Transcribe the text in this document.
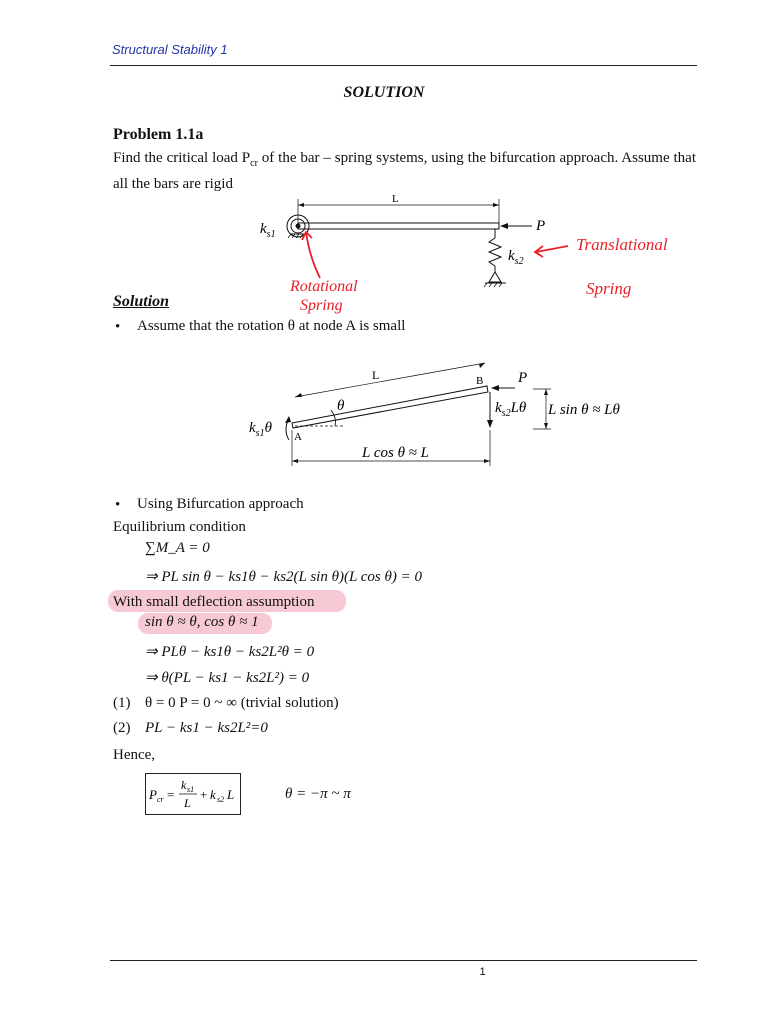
Structural Stability 1
SOLUTION
Problem 1.1a
Find the critical load $P_{cr}$ of the bar – spring systems, using the bifurcation approach. Assume that all the bars are rigid
L
$k_{s1}$
P
$k_{s2}$
Rotational
Spring
Translational
Spring
Solution
• Assume that the rotation θ at node A is small
L
A
B
θ
$k_{s1}\theta$
P
$k_{s2}L\theta$ L sin θ ≈ Lθ
L cos θ ≈ L
• Using Bifurcation approach
Equilibrium condition
∑M_A = 0
⇒ PL sin θ − ks1θ − ks2(L sin θ)(L cos θ) = 0
With small deflection assumption
sin θ ≈ θ, cos θ ≈ 1
⇒ PLθ − ks1θ − ks2L²θ = 0
⇒ θ(PL − ks1 − ks2L²) = 0
(1) θ = 0 P = 0 ~ ∞ (trivial solution)
(2) PL − ks1 − ks2L²=0
Hence,
P cr =
k s1
L
+ k s2 L	θ = −π ~ π
1
